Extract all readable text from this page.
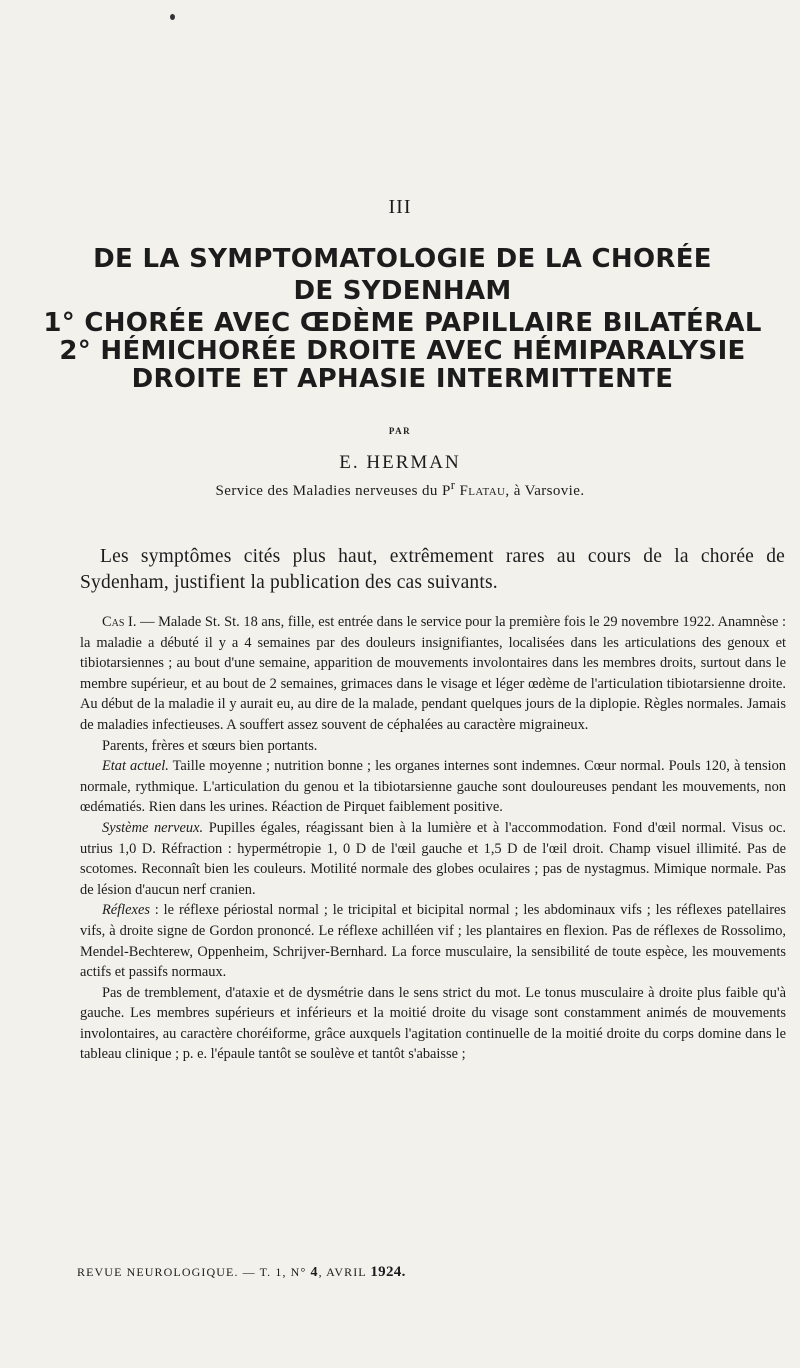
III
DE LA SYMPTOMATOLOGIE DE LA CHORÉE
DE SYDENHAM
1° CHORÉE AVEC ŒDÈME PAPILLAIRE BILATÉRAL
2° HÉMICHORÉE DROITE AVEC HÉMIPARALYSIE
DROITE ET APHASIE INTERMITTENTE
PAR
E. HERMAN
Service des Maladies nerveuses du $P^r$ Flatau, à Varsovie.
Les symptômes cités plus haut, extrêmement rares au cours de la chorée de Sydenham, justifient la publication des cas suivants.

Cas I. — Malade St. St. 18 ans, fille, est entrée dans le service pour la première fois le 29 novembre 1922. Anamnèse : la maladie a débuté il y a 4 semaines par des douleurs insignifiantes, localisées dans les articulations des genoux et tibiotarsiennes ; au bout d'une semaine, apparition de mouvements involontaires dans les membres droits, surtout dans le membre supérieur, et au bout de 2 semaines, grimaces dans le visage et léger œdème de l'articulation tibiotarsienne droite. Au début de la maladie il y aurait eu, au dire de la malade, pendant quelques jours de la diplopie. Règles normales. Jamais de maladies infectieuses. A souffert assez souvent de céphalées au caractère migraineux.

Parents, frères et sœurs bien portants.

Etat actuel. Taille moyenne ; nutrition bonne ; les organes internes sont indemnes. Cœur normal. Pouls 120, à tension normale, rythmique. L'articulation du genou et la tibiotarsienne gauche sont douloureuses pendant les mouvements, non œdématiés. Rien dans les urines. Réaction de Pirquet faiblement positive.

Système nerveux. Pupilles égales, réagissant bien à la lumière et à l'accommodation. Fond d'œil normal. Visus oc. utrius 1,0 D. Réfraction : hypermétropie 1, 0 D de l'œil gauche et 1,5 D de l'œil droit. Champ visuel illimité. Pas de scotomes. Reconnaît bien les couleurs. Motilité normale des globes oculaires ; pas de nystagmus. Mimique normale. Pas de lésion d'aucun nerf cranien.

Réflexes : le réflexe périostal normal ; le tricipital et bicipital normal ; les abdominaux vifs ; les réflexes patellaires vifs, à droite signe de Gordon prononcé. Le réflexe achilléen vif ; les plantaires en flexion. Pas de réflexes de Rossolimo, Mendel-Bechterew, Oppenheim, Schrijver-Bernhard. La force musculaire, la sensibilité de toute espèce, les mouvements actifs et passifs normaux.

Pas de tremblement, d'ataxie et de dysmétrie dans le sens strict du mot. Le tonus musculaire à droite plus faible qu'à gauche. Les membres supérieurs et inférieurs et la moitié droite du visage sont constamment animés de mouvements involontaires, au caractère choréiforme, grâce auxquels l'agitation continuelle de la moitié droite du corps domine dans le tableau clinique ; p. e. l'épaule tantôt se soulève et tantôt s'abaisse ;

REVUE NEUROLOGIQUE. — T. 1, N° 4, AVRIL 1924.
